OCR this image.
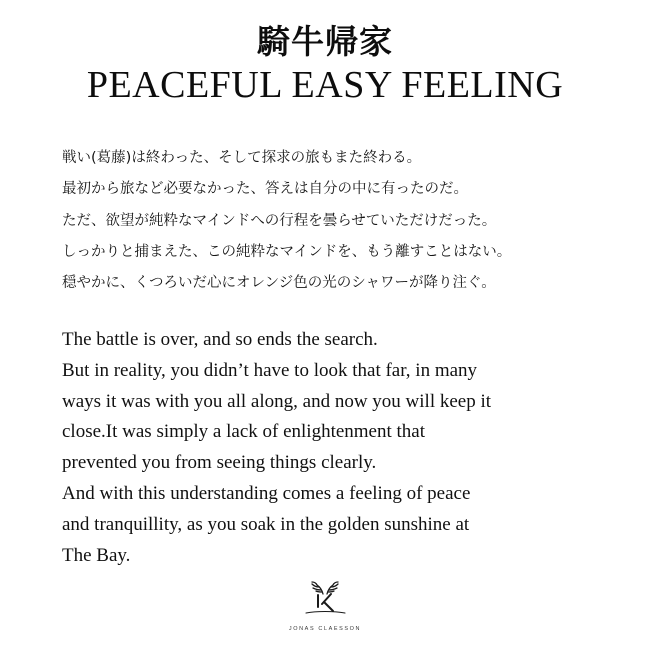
騎牛帰家
PEACEFUL EASY FEELING
戦い(葛藤)は終わった、そして探求の旅もまた終わる。
最初から旅など必要なかった、答えは自分の中に有ったのだ。
ただ、欲望が純粋なマインドへの行程を曇らせていただけだった。
しっかりと捕まえた、この純粋なマインドを、もう離すことはない。
穏やかに、くつろいだ心にオレンジ色の光のシャワーが降り注ぐ。
The battle is over, and so ends the search.
But in reality, you didn’t have to look that far, in many
ways it was with you all along, and now you will keep it
close.It was simply a lack of enlightenment that
prevented you from seeing things clearly.
And with this understanding comes a feeling of peace
and tranquillity, as you soak in the golden sunshine at
The Bay.
JONAS CLAESSON
